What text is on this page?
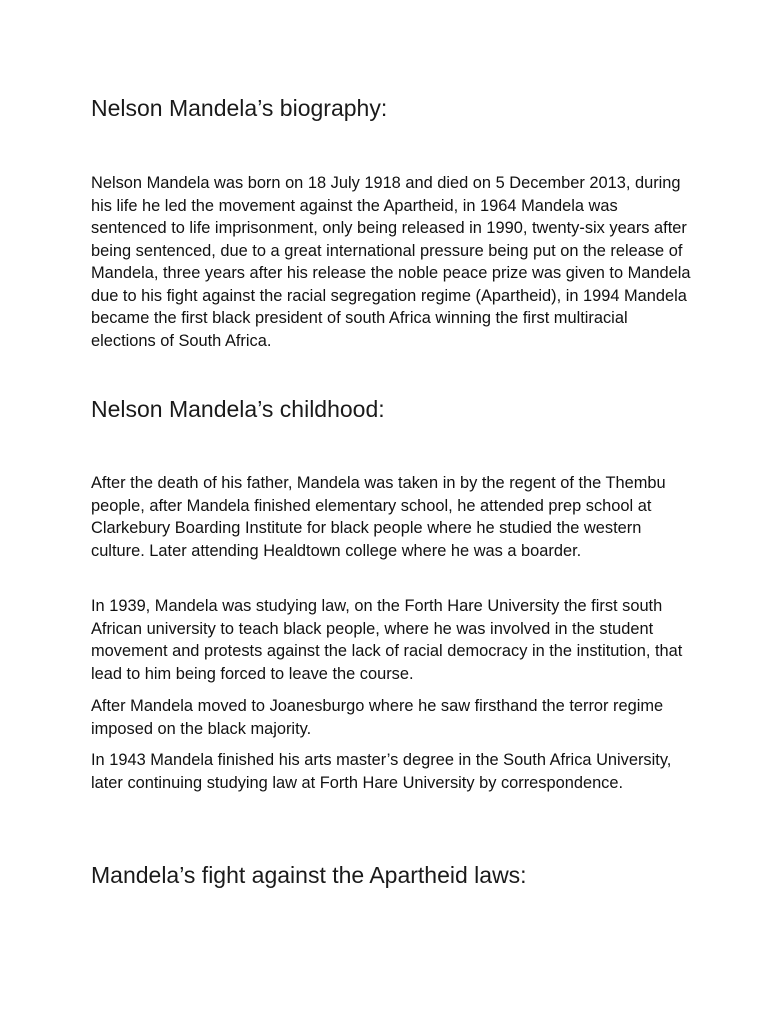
Nelson Mandela’s biography:

Nelson Mandela was born on 18 July 1918 and died on 5 December 2013, during his life he led the movement against the Apartheid, in 1964 Mandela was sentenced to life imprisonment, only being released in 1990, twenty-six years after being sentenced, due to a great international pressure being put on the release of Mandela, three years after his release the noble peace prize was given to Mandela due to his fight against the racial segregation regime (Apartheid), in 1994 Mandela became the first black president of south Africa winning the first multiracial elections of South Africa.

Nelson Mandela’s childhood:

After the death of his father, Mandela was taken in by the regent of the Thembu people, after Mandela finished elementary school, he attended prep school at Clarkebury Boarding Institute for black people where he studied the western culture. Later attending Healdtown college where he was a boarder.

In 1939, Mandela was studying law, on the Forth Hare University the first south African university to teach black people, where he was involved in the student movement and protests against the lack of racial democracy in the institution, that lead to him being forced to leave the course.

After Mandela moved to Joanesburgo where he saw firsthand the terror regime imposed on the black majority.

In 1943 Mandela finished his arts master’s degree in the South Africa University, later continuing studying law at Forth Hare University by correspondence.

Mandela’s fight against the Apartheid laws:
